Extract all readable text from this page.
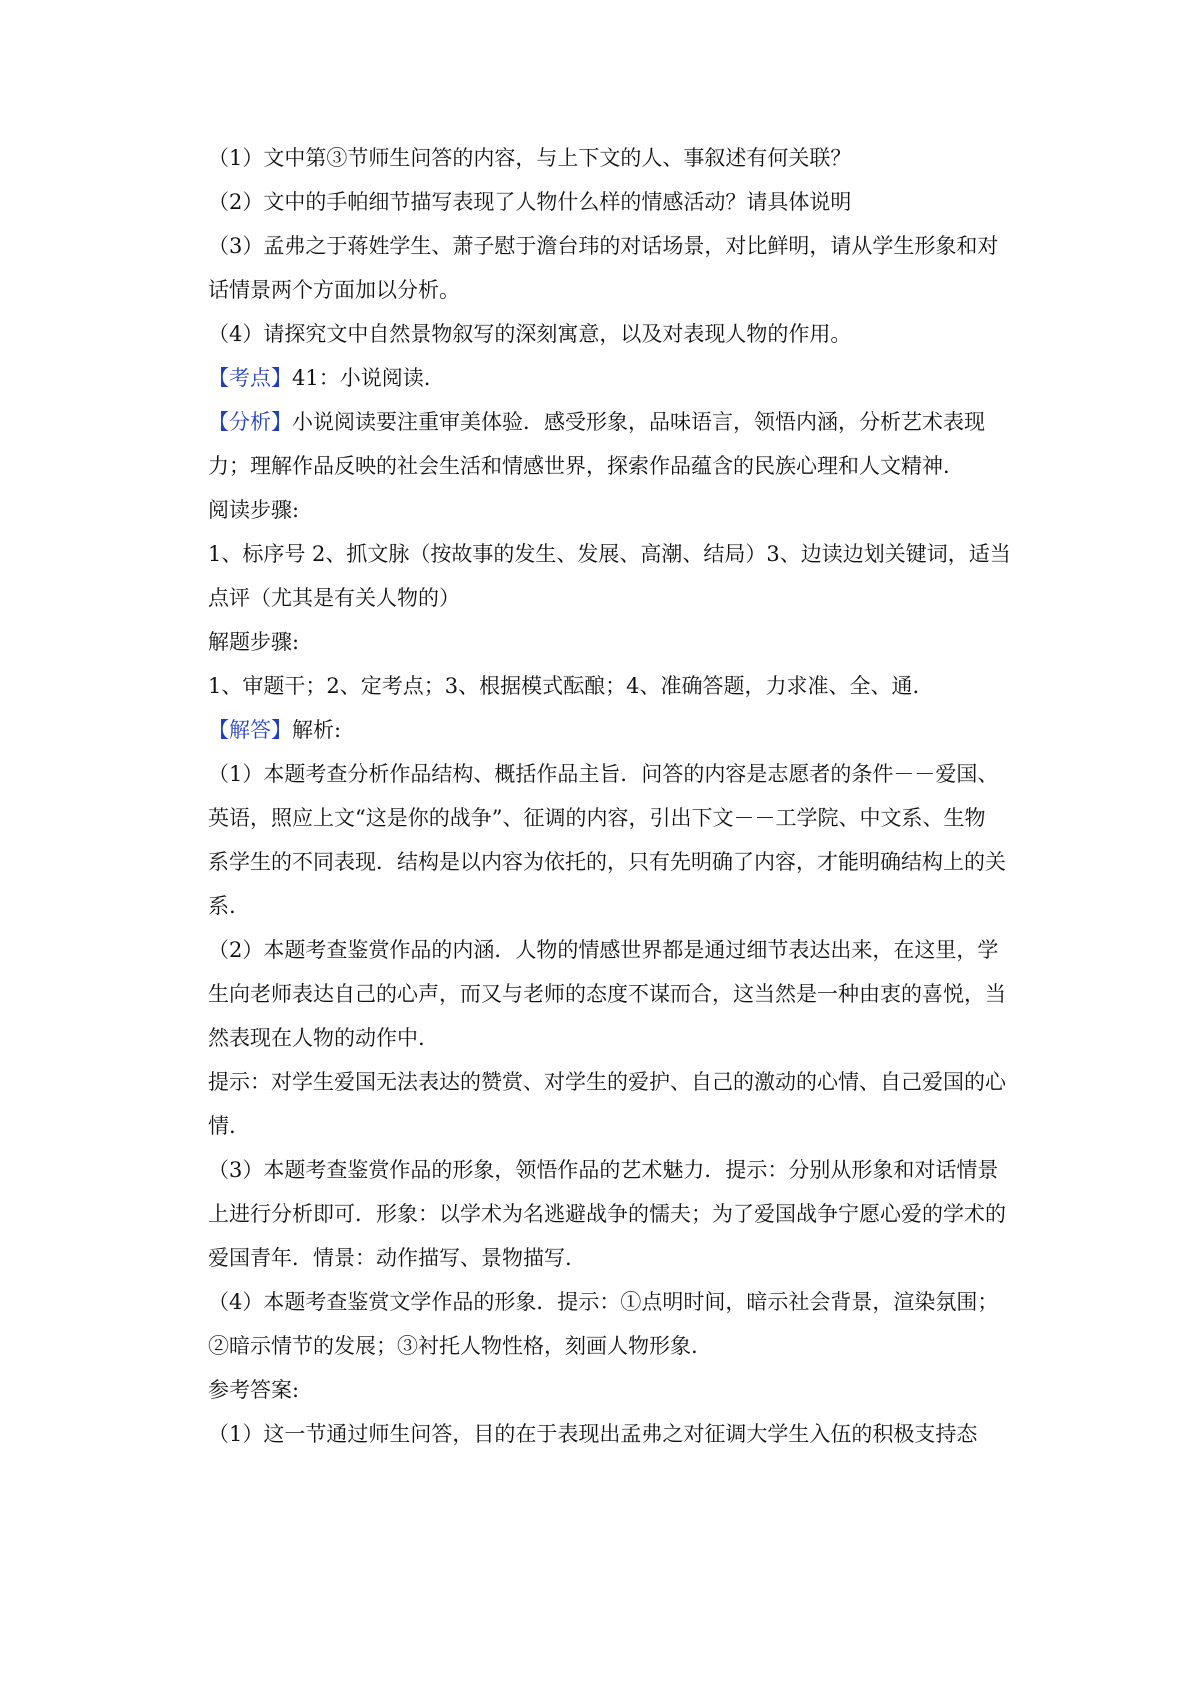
（1）文中第③节师生问答的内容，与上下文的人、事叙述有何关联？
（2）文中的手帕细节描写表现了人物什么样的情感活动？请具体说明
（3）孟弗之于蒋姓学生、萧子慰于澹台玮的对话场景，对比鲜明，请从学生形象和对
话情景两个方面加以分析。
（4）请探究文中自然景物叙写的深刻寓意，以及对表现人物的作用。
【考点】41：小说阅读.
【分析】小说阅读要注重审美体验．感受形象，品味语言，领悟内涵，分析艺术表现
力；理解作品反映的社会生活和情感世界，探索作品蕴含的民族心理和人文精神.
阅读步骤:
1、标序号 2、抓文脉（按故事的发生、发展、高潮、结局）3、边读边划关键词，适当
点评（尤其是有关人物的）
解题步骤:
1、审题干；2、定考点；3、根据模式酝酿；4、准确答题，力求准、全、通.
【解答】解析:
（1）本题考查分析作品结构、概括作品主旨．问答的内容是志愿者的条件－－爱国、
英语，照应上文“这是你的战争”、征调的内容，引出下文－－工学院、中文系、生物
系学生的不同表现．结构是以内容为依托的，只有先明确了内容，才能明确结构上的关
系.
（2）本题考查鉴赏作品的内涵．人物的情感世界都是通过细节表达出来，在这里，学
生向老师表达自己的心声，而又与老师的态度不谋而合，这当然是一种由衷的喜悦，当
然表现在人物的动作中.
提示：对学生爱国无法表达的赞赏、对学生的爱护、自己的激动的心情、自己爱国的心
情.
（3）本题考查鉴赏作品的形象，领悟作品的艺术魅力．提示：分别从形象和对话情景
上进行分析即可．形象：以学术为名逃避战争的懦夫；为了爱国战争宁愿心爱的学术的
爱国青年．情景：动作描写、景物描写.
（4）本题考查鉴赏文学作品的形象．提示：①点明时间，暗示社会背景，渲染氛围；
②暗示情节的发展；③衬托人物性格，刻画人物形象.
参考答案:
（1）这一节通过师生问答，目的在于表现出孟弗之对征调大学生入伍的积极支持态
